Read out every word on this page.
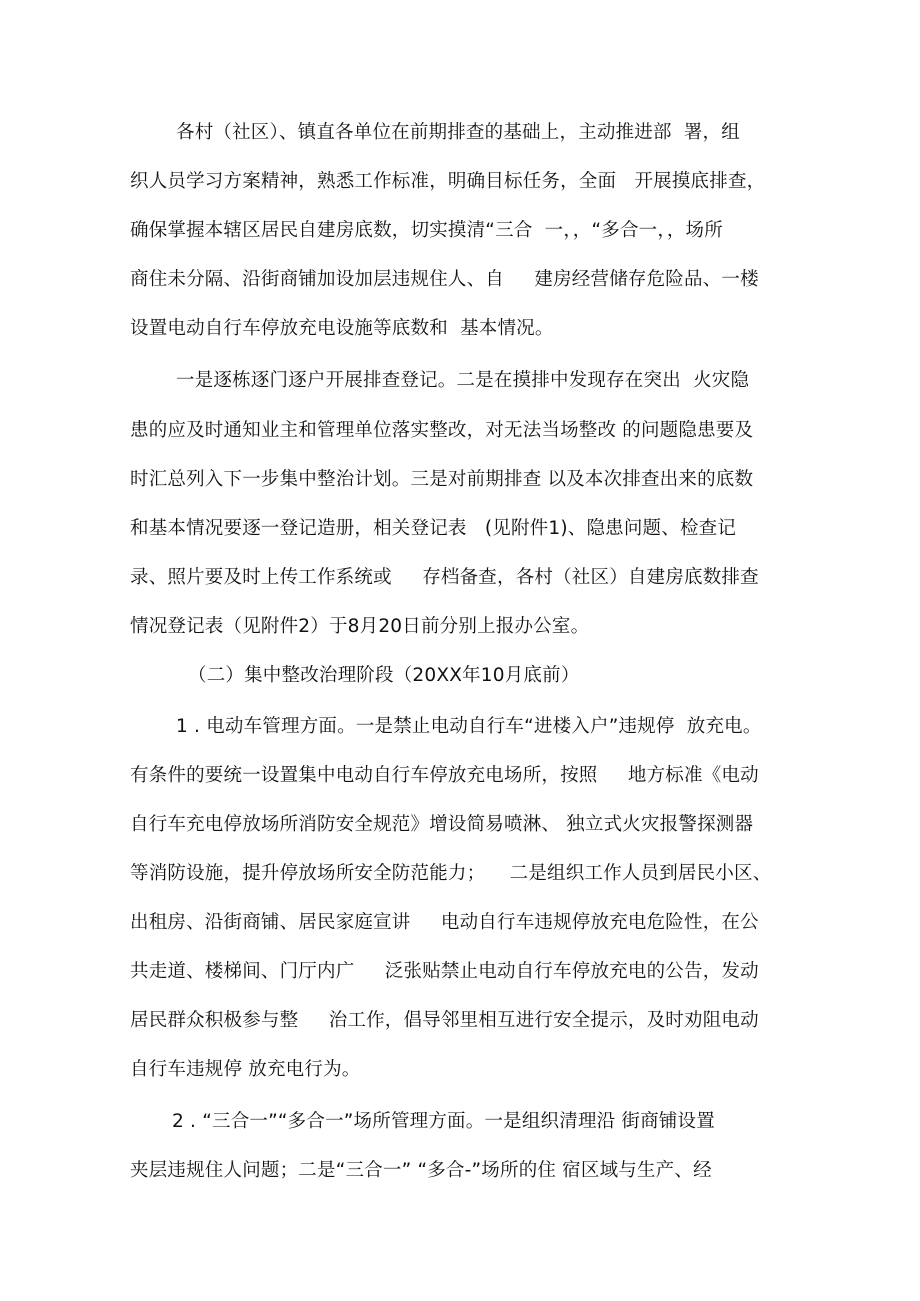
各村（社区）、镇直各单位在前期排查的基础上，主动推进部  署，组
织人员学习方案精神，熟悉工作标准，明确目标任务，全面   开展摸底排查，
确保掌握本辖区居民自建房底数，切实摸清“三合  一，，“多合一，，场所
商住未分隔、沿街商铺加设加层违规住人、自     建房经营储存危险品、一楼
设置电动自行车停放充电设施等底数和  基本情况。
一是逐栋逐门逐户开展排查登记。二是在摸排中发现存在突出  火灾隐
患的应及时通知业主和管理单位落实整改，对无法当场整改 的问题隐患要及
时汇总列入下一步集中整治计划。三是对前期排查 以及本次排查出来的底数
和基本情况要逐一登记造册，相关登记表   (见附件1)、隐患问题、检查记
录、照片要及时上传工作系统或     存档备查，各村（社区）自建房底数排查
情况登记表（见附件2）于8月20日前分别上报办公室。
（二）集中整改治理阶段（20XX年10月底前）
1 . 电动车管理方面。一是禁止电动自行车“进楼入户”违规停  放充电。
有条件的要统一设置集中电动自行车停放充电场所，按照     地方标准《电动
自行车充电停放场所消防安全规范》增设简易喷淋、 独立式火灾报警探测器
等消防设施，提升停放场所安全防范能力；    二是组织工作人员到居民小区、
出租房、沿街商铺、居民家庭宣讲     电动自行车违规停放充电危险性，在公
共走道、楼梯间、门厅内广     泛张贴禁止电动自行车停放充电的公告，发动
居民群众积极参与整     治工作，倡导邻里相互进行安全提示，及时劝阻电动
自行车违规停 放充电行为。
2 . “三合一”“多合一”场所管理方面。一是组织清理沿 街商铺设置
夹层违规住人问题；二是“三合一” “多合-”场所的住 宿区域与生产、经
